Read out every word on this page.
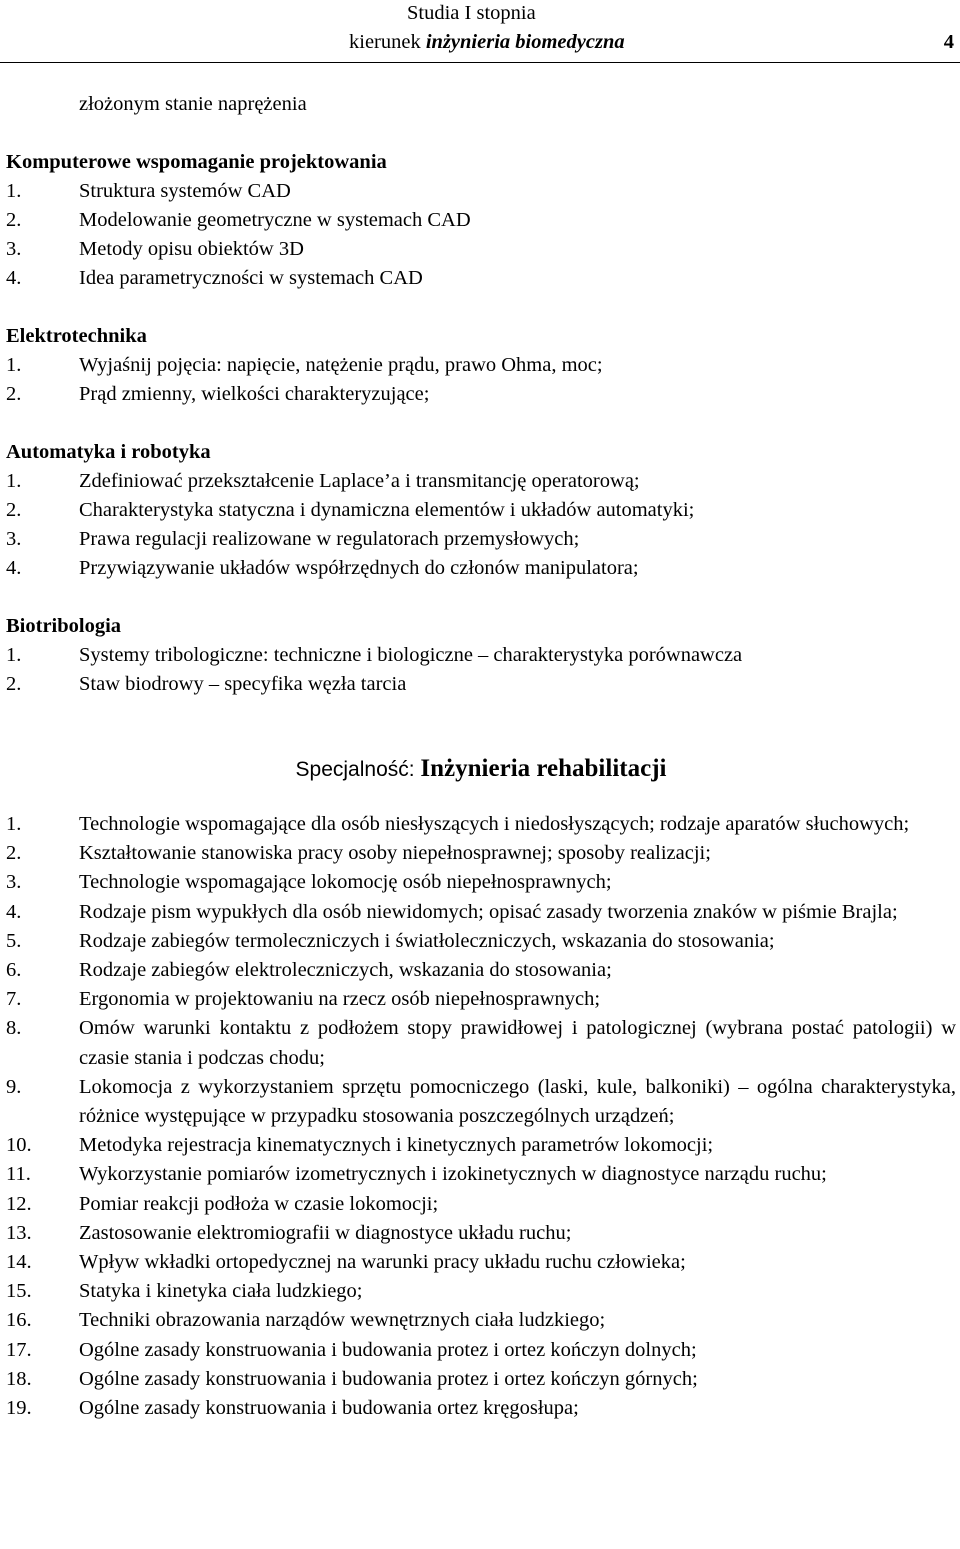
Studia I stopnia
kierunek inżynieria biomedyczna	4
złożonym stanie naprężenia
Komputerowe wspomaganie projektowania
1.	Struktura systemów CAD
2.	Modelowanie geometryczne w systemach CAD
3.	Metody opisu obiektów 3D
4.	Idea parametryczności w systemach CAD
Elektrotechnika
1.	Wyjaśnij pojęcia: napięcie, natężenie prądu, prawo Ohma, moc;
2.	Prąd zmienny, wielkości charakteryzujące;
Automatyka i robotyka
1.	Zdefiniować przekształcenie Laplace’a i transmitancję operatorową;
2.	Charakterystyka statyczna i dynamiczna elementów i układów automatyki;
3.	Prawa regulacji realizowane w regulatorach przemysłowych;
4.	Przywiązywanie układów współrzędnych do członów manipulatora;
Biotribologia
1.	Systemy tribologiczne: techniczne i biologiczne – charakterystyka porównawcza
2.	Staw biodrowy – specyfika węzła tarcia
Specjalność: Inżynieria rehabilitacji
1.	Technologie wspomagające dla osób niesłyszących i niedosłyszących; rodzaje aparatów słuchowych;
2.	Kształtowanie stanowiska pracy osoby niepełnosprawnej; sposoby realizacji;
3.	Technologie wspomagające lokomocję osób niepełnosprawnych;
4.	Rodzaje pism wypukłych dla osób niewidomych; opisać zasady tworzenia znaków w piśmie Brajla;
5.	Rodzaje zabiegów termoleczniczych i światłoleczniczych, wskazania do stosowania;
6.	Rodzaje zabiegów elektroleczniczych, wskazania do stosowania;
7.	Ergonomia w projektowaniu na rzecz osób niepełnosprawnych;
8.	Omów warunki kontaktu z podłożem stopy prawidłowej i patologicznej (wybrana postać patologii) w czasie stania i podczas chodu;
9.	Lokomocja z wykorzystaniem sprzętu pomocniczego (laski, kule, balkoniki) – ogólna charakterystyka, różnice występujące w przypadku stosowania poszczególnych urządzeń;
10.	Metodyka rejestracja kinematycznych i kinetycznych parametrów lokomocji;
11.	Wykorzystanie pomiarów izometrycznych i izokinetycznych w diagnostyce narządu ruchu;
12.	Pomiar reakcji podłoża w czasie lokomocji;
13.	Zastosowanie elektromiografii w diagnostyce układu ruchu;
14.	Wpływ wkładki ortopedycznej na warunki pracy układu ruchu człowieka;
15.	Statyka i kinetyka ciała ludzkiego;
16.	Techniki obrazowania narządów wewnętrznych ciała ludzkiego;
17.	Ogólne zasady konstruowania i budowania protez i ortez kończyn dolnych;
18.	Ogólne zasady konstruowania i budowania protez i ortez kończyn górnych;
19.	Ogólne zasady konstruowania i budowania ortez kręgosłupa;
